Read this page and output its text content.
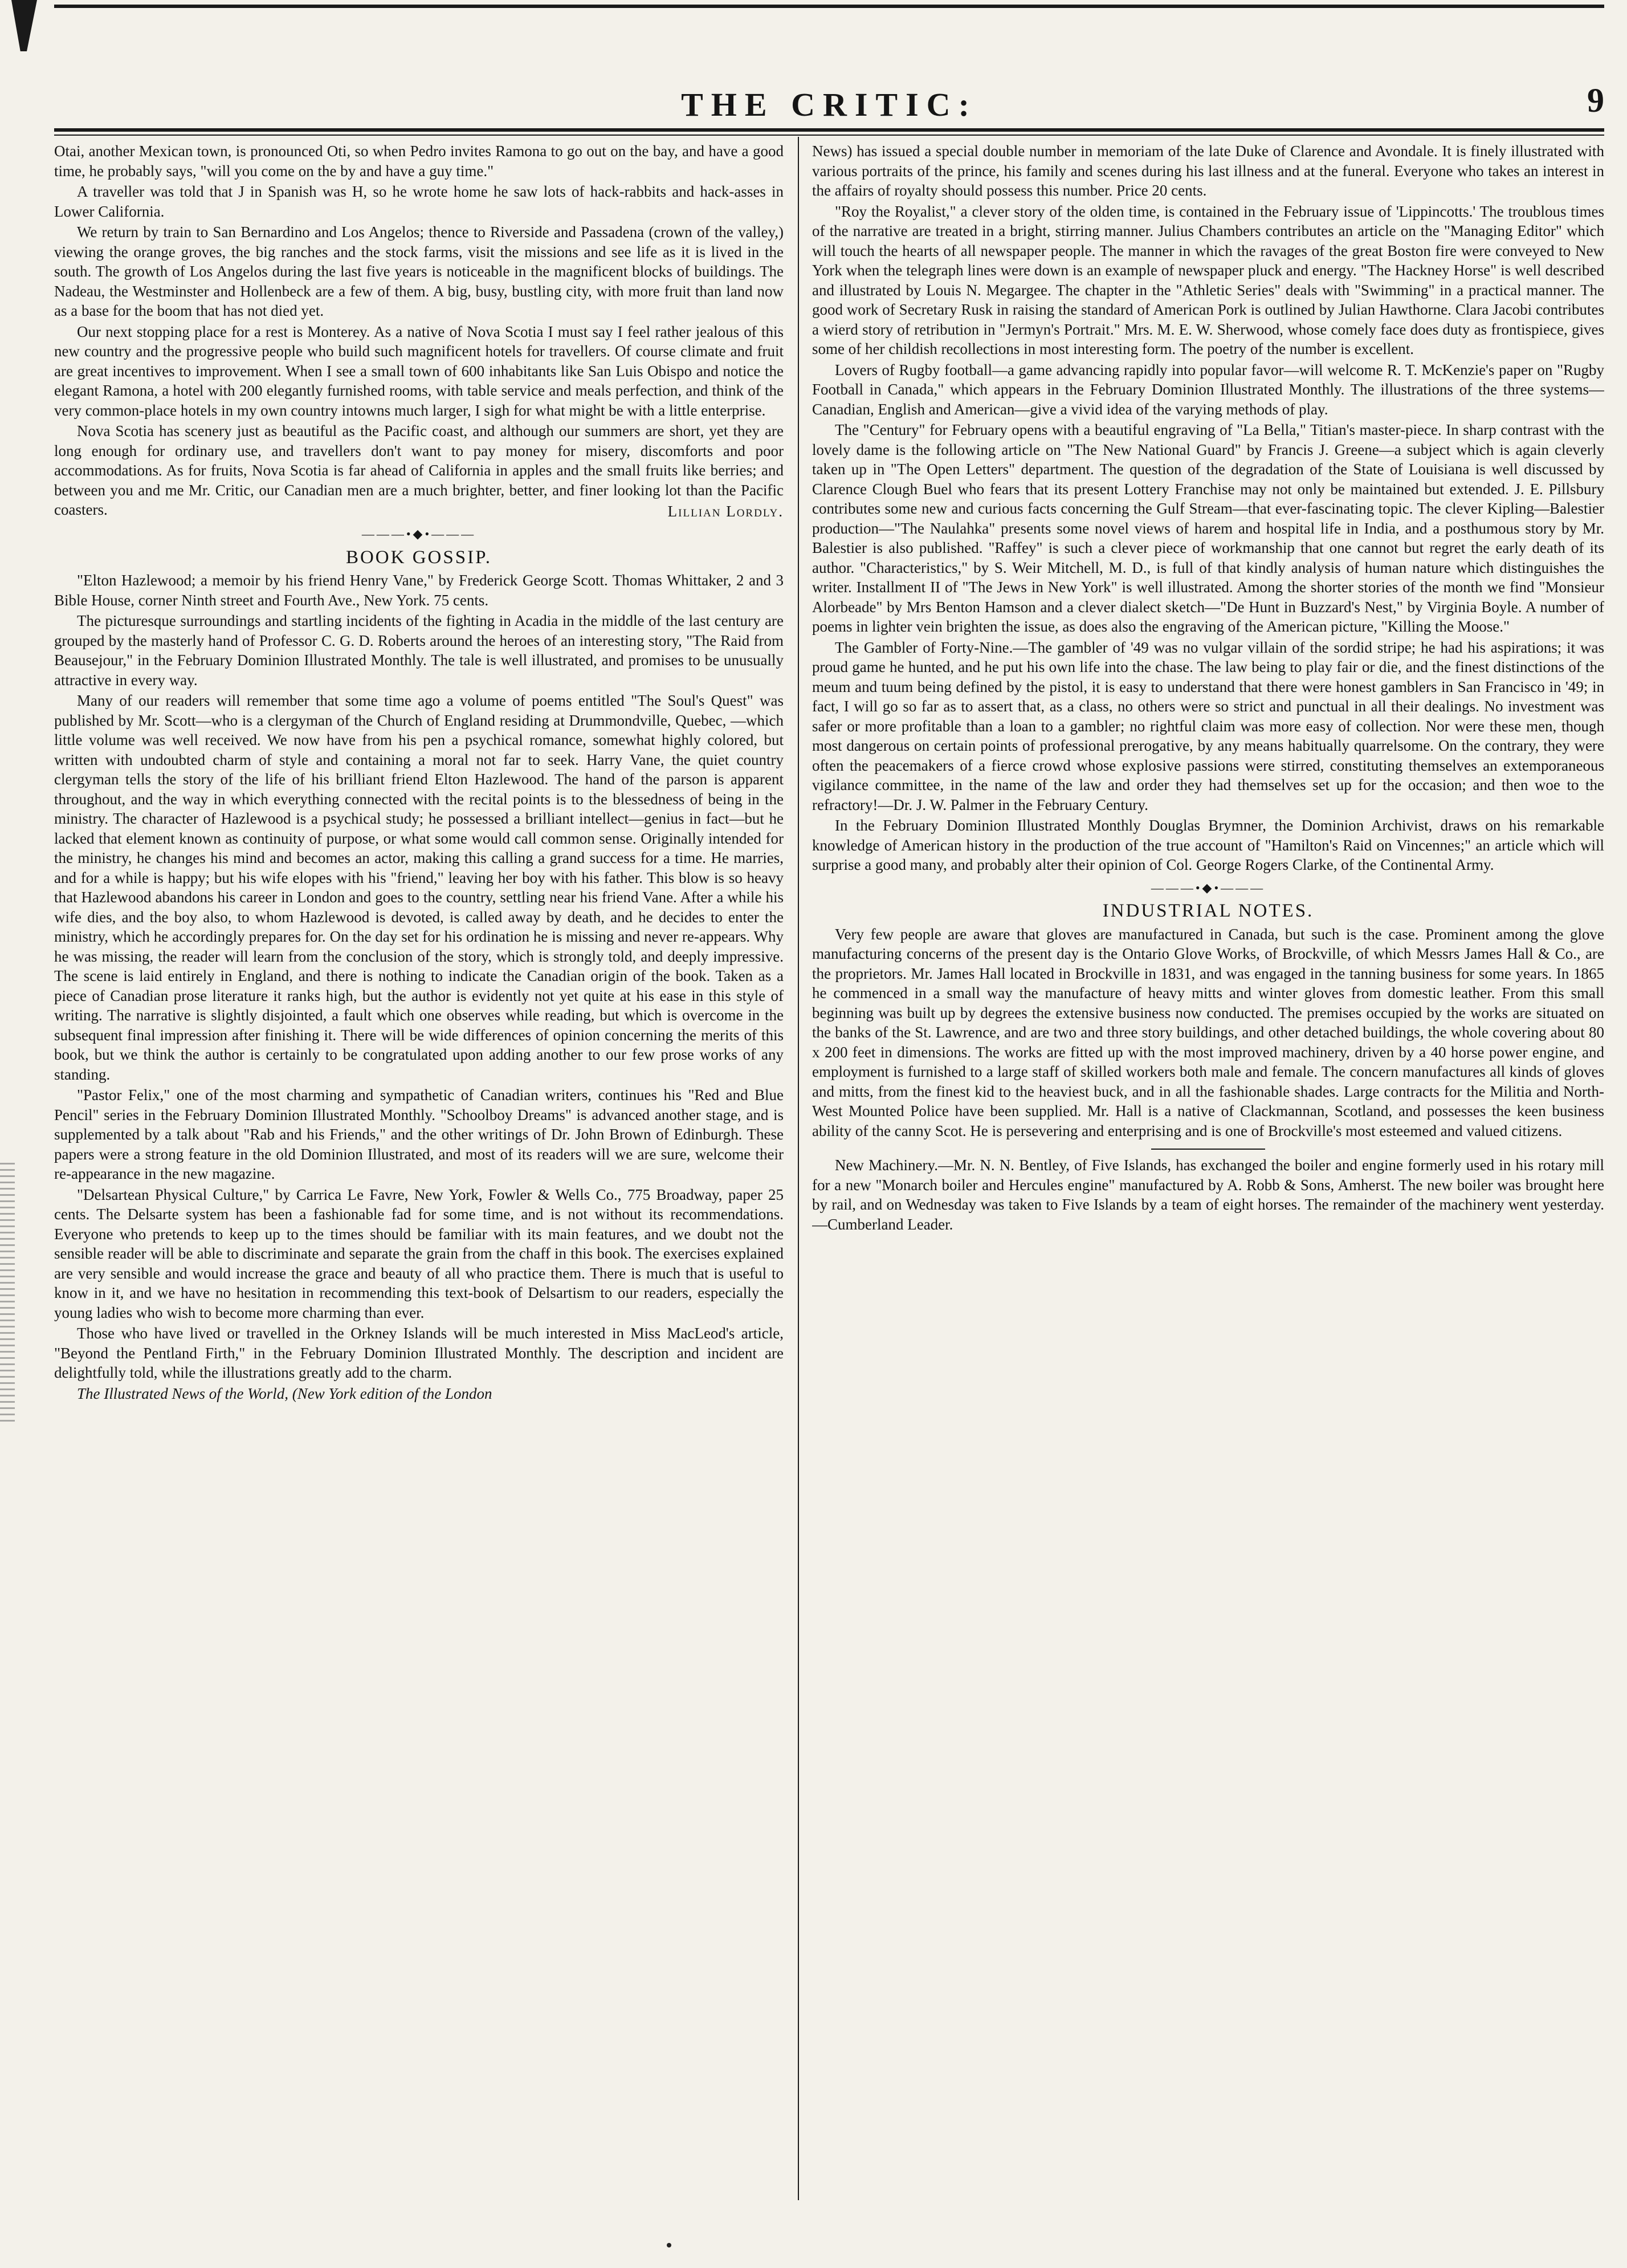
THE CRITIC:	9

Otai, another Mexican town, is pronounced Oti, so when Pedro invites Ramona to go out on the bay, and have a good time, he probably says, "will you come on the by and have a guy time."

A traveller was told that J in Spanish was H, so he wrote home he saw lots of hack-rabbits and hack-asses in Lower California.

We return by train to San Bernardino and Los Angelos; thence to Riverside and Passadena (crown of the valley,) viewing the orange groves, the big ranches and the stock farms, visit the missions and see life as it is lived in the south. The growth of Los Angelos during the last five years is noticeable in the magnificent blocks of buildings. The Nadeau, the Westminster and Hollenbeck are a few of them. A big, busy, bustling city, with more fruit than land now as a base for the boom that has not died yet.

Our next stopping place for a rest is Monterey. As a native of Nova Scotia I must say I feel rather jealous of this new country and the progressive people who build such magnificent hotels for travellers. Of course climate and fruit are great incentives to improvement. When I see a small town of 600 inhabitants like San Luis Obispo and notice the elegant Ramona, a hotel with 200 elegantly furnished rooms, with table service and meals perfection, and think of the very common-place hotels in my own country intowns much larger, I sigh for what might be with a little enterprise.

Nova Scotia has scenery just as beautiful as the Pacific coast, and although our summers are short, yet they are long enough for ordinary use, and travellers don't want to pay money for misery, discomforts and poor accommodations. As for fruits, Nova Scotia is far ahead of California in apples and the small fruits like berries; and between you and me Mr. Critic, our Canadian men are a much brighter, better, and finer looking lot than the Pacific coasters.	Lillian Lordly.
———•◆•———
BOOK GOSSIP.

"Elton Hazlewood; a memoir by his friend Henry Vane," by Frederick George Scott. Thomas Whittaker, 2 and 3 Bible House, corner Ninth street and Fourth Ave., New York. 75 cents.

The picturesque surroundings and startling incidents of the fighting in Acadia in the middle of the last century are grouped by the masterly hand of Professor C. G. D. Roberts around the heroes of an interesting story, "The Raid from Beausejour," in the February Dominion Illustrated Monthly. The tale is well illustrated, and promises to be unusually attractive in every way.

Many of our readers will remember that some time ago a volume of poems entitled "The Soul's Quest" was published by Mr. Scott—who is a clergyman of the Church of England residing at Drummondville, Quebec, —which little volume was well received. We now have from his pen a psychical romance, somewhat highly colored, but written with undoubted charm of style and containing a moral not far to seek. Harry Vane, the quiet country clergyman tells the story of the life of his brilliant friend Elton Hazlewood. The hand of the parson is apparent throughout, and the way in which everything connected with the recital points is to the blessedness of being in the ministry. The character of Hazlewood is a psychical study; he possessed a brilliant intellect—genius in fact—but he lacked that element known as continuity of purpose, or what some would call common sense. Originally intended for the ministry, he changes his mind and becomes an actor, making this calling a grand success for a time. He marries, and for a while is happy; but his wife elopes with his "friend," leaving her boy with his father. This blow is so heavy that Hazlewood abandons his career in London and goes to the country, settling near his friend Vane. After a while his wife dies, and the boy also, to whom Hazlewood is devoted, is called away by death, and he decides to enter the ministry, which he accordingly prepares for. On the day set for his ordination he is missing and never re-appears. Why he was missing, the reader will learn from the conclusion of the story, which is strongly told, and deeply impressive. The scene is laid entirely in England, and there is nothing to indicate the Canadian origin of the book. Taken as a piece of Canadian prose literature it ranks high, but the author is evidently not yet quite at his ease in this style of writing. The narrative is slightly disjointed, a fault which one observes while reading, but which is overcome in the subsequent final impression after finishing it. There will be wide differences of opinion concerning the merits of this book, but we think the author is certainly to be congratulated upon adding another to our few prose works of any standing.

"Pastor Felix," one of the most charming and sympathetic of Canadian writers, continues his "Red and Blue Pencil" series in the February Dominion Illustrated Monthly. "Schoolboy Dreams" is advanced another stage, and is supplemented by a talk about "Rab and his Friends," and the other writings of Dr. John Brown of Edinburgh. These papers were a strong feature in the old Dominion Illustrated, and most of its readers will we are sure, welcome their re-appearance in the new magazine.

"Delsartean Physical Culture," by Carrica Le Favre, New York, Fowler & Wells Co., 775 Broadway, paper 25 cents. The Delsarte system has been a fashionable fad for some time, and is not without its recommendations. Everyone who pretends to keep up to the times should be familiar with its main features, and we doubt not the sensible reader will be able to discriminate and separate the grain from the chaff in this book. The exercises explained are very sensible and would increase the grace and beauty of all who practice them. There is much that is useful to know in it, and we have no hesitation in recommending this text-book of Delsartism to our readers, especially the young ladies who wish to become more charming than ever.

Those who have lived or travelled in the Orkney Islands will be much interested in Miss MacLeod's article, "Beyond the Pentland Firth," in the February Dominion Illustrated Monthly. The description and incident are delightfully told, while the illustrations greatly add to the charm.

The Illustrated News of the World, (New York edition of the London

News) has issued a special double number in memoriam of the late Duke of Clarence and Avondale. It is finely illustrated with various portraits of the prince, his family and scenes during his last illness and at the funeral. Everyone who takes an interest in the affairs of royalty should possess this number. Price 20 cents.

"Roy the Royalist," a clever story of the olden time, is contained in the February issue of 'Lippincotts.' The troublous times of the narrative are treated in a bright, stirring manner. Julius Chambers contributes an article on the "Managing Editor" which will touch the hearts of all newspaper people. The manner in which the ravages of the great Boston fire were conveyed to New York when the telegraph lines were down is an example of newspaper pluck and energy. "The Hackney Horse" is well described and illustrated by Louis N. Megargee. The chapter in the "Athletic Series" deals with "Swimming" in a practical manner. The good work of Secretary Rusk in raising the standard of American Pork is outlined by Julian Hawthorne. Clara Jacobi contributes a wierd story of retribution in "Jermyn's Portrait." Mrs. M. E. W. Sherwood, whose comely face does duty as frontispiece, gives some of her childish recollections in most interesting form. The poetry of the number is excellent.

Lovers of Rugby football—a game advancing rapidly into popular favor—will welcome R. T. McKenzie's paper on "Rugby Football in Canada," which appears in the February Dominion Illustrated Monthly. The illustrations of the three systems—Canadian, English and American—give a vivid idea of the varying methods of play.

The "Century" for February opens with a beautiful engraving of "La Bella," Titian's master-piece. In sharp contrast with the lovely dame is the following article on "The New National Guard" by Francis J. Greene—a subject which is again cleverly taken up in "The Open Letters" department. The question of the degradation of the State of Louisiana is well discussed by Clarence Clough Buel who fears that its present Lottery Franchise may not only be maintained but extended. J. E. Pillsbury contributes some new and curious facts concerning the Gulf Stream—that ever-fascinating topic. The clever Kipling—Balestier production—"The Naulahka" presents some novel views of harem and hospital life in India, and a posthumous story by Mr. Balestier is also published. "Raffey" is such a clever piece of workmanship that one cannot but regret the early death of its author. "Characteristics," by S. Weir Mitchell, M. D., is full of that kindly analysis of human nature which distinguishes the writer. Installment II of "The Jews in New York" is well illustrated. Among the shorter stories of the month we find "Monsieur Alorbeade" by Mrs Benton Hamson and a clever dialect sketch—"De Hunt in Buzzard's Nest," by Virginia Boyle. A number of poems in lighter vein brighten the issue, as does also the engraving of the American picture, "Killing the Moose."

The Gambler of Forty-Nine.—The gambler of '49 was no vulgar villain of the sordid stripe; he had his aspirations; it was proud game he hunted, and he put his own life into the chase. The law being to play fair or die, and the finest distinctions of the meum and tuum being defined by the pistol, it is easy to understand that there were honest gamblers in San Francisco in '49; in fact, I will go so far as to assert that, as a class, no others were so strict and punctual in all their dealings. No investment was safer or more profitable than a loan to a gambler; no rightful claim was more easy of collection. Nor were these men, though most dangerous on certain points of professional prerogative, by any means habitually quarrelsome. On the contrary, they were often the peacemakers of a fierce crowd whose explosive passions were stirred, constituting themselves an extemporaneous vigilance committee, in the name of the law and order they had themselves set up for the occasion; and then woe to the refractory!—Dr. J. W. Palmer in the February Century.

In the February Dominion Illustrated Monthly Douglas Brymner, the Dominion Archivist, draws on his remarkable knowledge of American history in the production of the true account of "Hamilton's Raid on Vincennes;" an article which will surprise a good many, and probably alter their opinion of Col. George Rogers Clarke, of the Continental Army.

———•◆•———
INDUSTRIAL NOTES.

Very few people are aware that gloves are manufactured in Canada, but such is the case. Prominent among the glove manufacturing concerns of the present day is the Ontario Glove Works, of Brockville, of which Messrs James Hall & Co., are the proprietors. Mr. James Hall located in Brockville in 1831, and was engaged in the tanning business for some years. In 1865 he commenced in a small way the manufacture of heavy mitts and winter gloves from domestic leather. From this small beginning was built up by degrees the extensive business now conducted. The premises occupied by the works are situated on the banks of the St. Lawrence, and are two and three story buildings, and other detached buildings, the whole covering about 80 x 200 feet in dimensions. The works are fitted up with the most improved machinery, driven by a 40 horse power engine, and employment is furnished to a large staff of skilled workers both male and female. The concern manufactures all kinds of gloves and mitts, from the finest kid to the heaviest buck, and in all the fashionable shades. Large contracts for the Militia and North-West Mounted Police have been supplied. Mr. Hall is a native of Clackmannan, Scotland, and possesses the keen business ability of the canny Scot. He is persevering and enterprising and is one of Brockville's most esteemed and valued citizens.

New Machinery.—Mr. N. N. Bentley, of Five Islands, has exchanged the boiler and engine formerly used in his rotary mill for a new "Monarch boiler and Hercules engine" manufactured by A. Robb & Sons, Amherst. The new boiler was brought here by rail, and on Wednesday was taken to Five Islands by a team of eight horses. The remainder of the machinery went yesterday.—Cumberland Leader.
